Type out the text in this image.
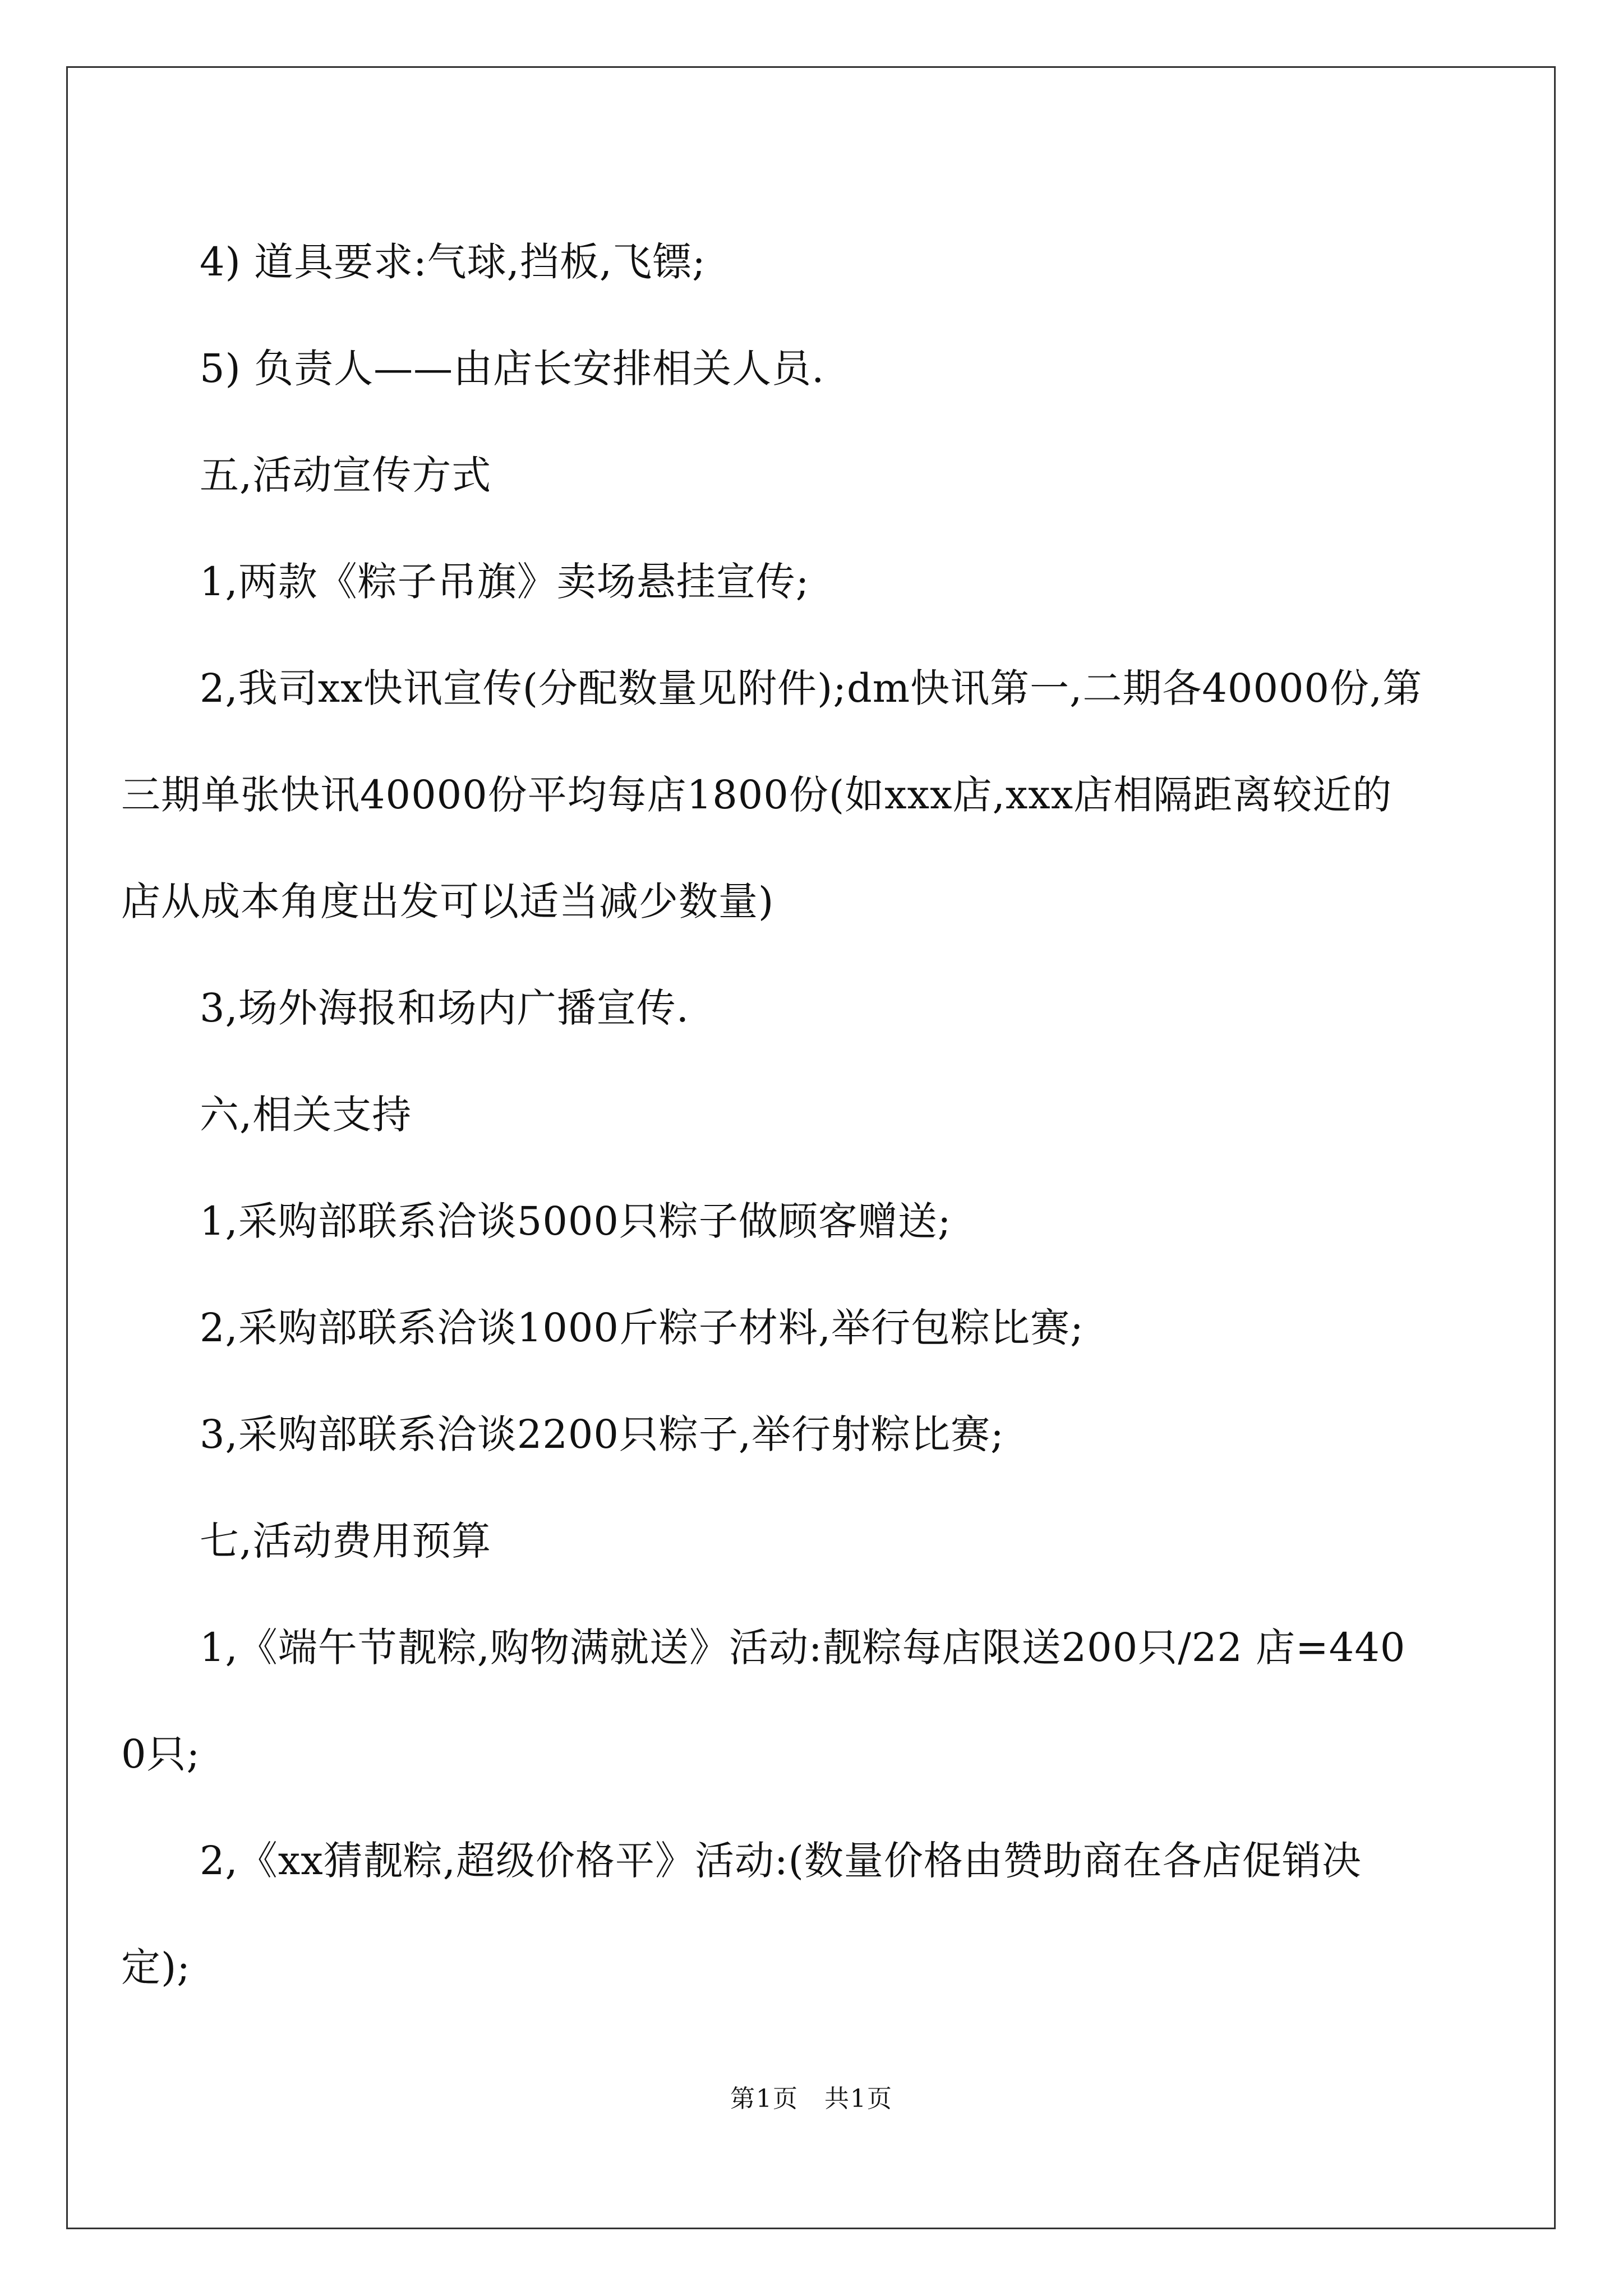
4) 道具要求:气球,挡板,飞镖;

5) 负责人——由店长安排相关人员.

五,活动宣传方式

1,两款《粽子吊旗》卖场悬挂宣传;

2,我司xx快讯宣传(分配数量见附件);dm快讯第一,二期各40000份,第三期单张快讯40000份平均每店1800份(如xxx店,xxx店相隔距离较近的店从成本角度出发可以适当减少数量)

3,场外海报和场内广播宣传.

六,相关支持

1,采购部联系洽谈5000只粽子做顾客赠送;

2,采购部联系洽谈1000斤粽子材料,举行包粽比赛;

3,采购部联系洽谈2200只粽子,举行射粽比赛;

七,活动费用预算

1,《端午节靓粽,购物满就送》活动:靓粽每店限送200只/22 店=4400只;

2,《xx猜靓粽,超级价格平》活动:(数量价格由赞助商在各店促销决定);

第1页　共1页
